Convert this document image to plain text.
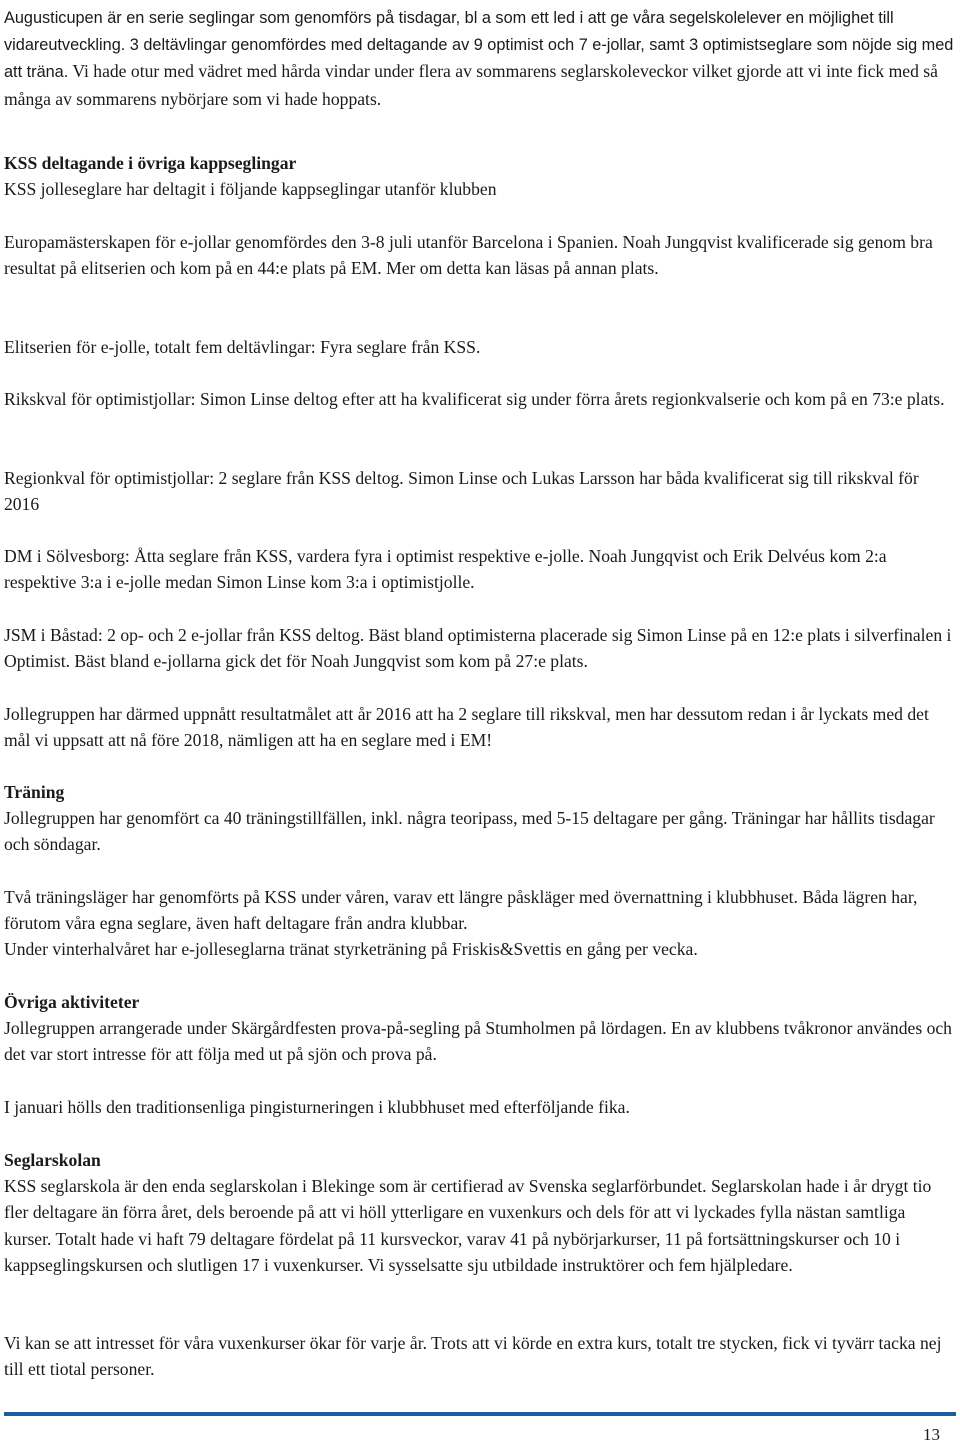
Augusticupen är en serie seglingar som genomförs på tisdagar, bl a som ett led i att ge våra segelskolelever en möjlighet till vidareutveckling. 3 deltävlingar genomfördes med deltagande av 9 optimist och 7 e-jollar, samt 3 optimistseglare som nöjde sig med att träna. Vi hade otur med vädret med hårda vindar under flera av sommarens seglarskoleveckor vilket gjorde att vi inte fick med så många av sommarens nybörjare som vi hade hoppats.

KSS deltagande i övriga kappseglingar

KSS jolleseglare har deltagit i följande kappseglingar utanför klubben

Europamästerskapen för e-jollar genomfördes den 3-8 juli utanför Barcelona i Spanien. Noah Jungqvist kvalificerade sig genom bra resultat på elitserien och kom på en 44:e plats på EM. Mer om detta kan läsas på annan plats.

Elitserien för e-jolle, totalt fem deltävlingar: Fyra seglare från KSS.

Rikskval för optimistjollar: Simon Linse deltog efter att ha kvalificerat sig under förra årets regionkvalserie och kom på en 73:e plats.

Regionkval för optimistjollar: 2 seglare från KSS deltog. Simon Linse och Lukas Larsson har båda kvalificerat sig till rikskval för 2016

DM i Sölvesborg: Åtta seglare från KSS, vardera fyra i optimist respektive e-jolle. Noah Jungqvist och Erik Delvéus kom 2:a respektive 3:a i e-jolle medan Simon Linse kom 3:a i optimistjolle.

JSM i Båstad: 2 op- och 2 e-jollar från KSS deltog. Bäst bland optimisterna placerade sig Simon Linse på en 12:e plats i silverfinalen i Optimist. Bäst bland e-jollarna gick det för Noah Jungqvist som kom på 27:e plats.

Jollegruppen har därmed uppnått resultatmålet att år 2016 att ha 2 seglare till rikskval, men har dessutom redan i år lyckats med det mål vi uppsatt att nå före 2018, nämligen att ha en seglare med i EM!

Träning

Jollegruppen har genomfört ca 40 träningstillfällen, inkl. några teoripass, med 5-15 deltagare per gång. Träningar har hållits tisdagar och söndagar.

Två träningsläger har genomförts på KSS under våren, varav ett längre påskläger med övernattning i klubbhuset. Båda lägren har, förutom våra egna seglare, även haft deltagare från andra klubbar.

Under vinterhalvåret har e-jolleseglarna tränat styrketräning på Friskis&Svettis en gång per vecka.

Övriga aktiviteter

Jollegruppen arrangerade under Skärgårdfesten prova-på-segling på Stumholmen på lördagen. En av klubbens tvåkronor användes och det var stort intresse för att följa med ut på sjön och prova på.

I januari hölls den traditionsenliga pingisturneringen i klubbhuset med efterföljande fika.

Seglarskolan

KSS seglarskola är den enda seglarskolan i Blekinge som är certifierad av Svenska seglarförbundet. Seglarskolan hade i år drygt tio fler deltagare än förra året, dels beroende på att vi höll ytterligare en vuxenkurs och dels för att vi lyckades fylla nästan samtliga kurser. Totalt hade vi haft 79 deltagare fördelat på 11 kursveckor, varav 41 på nybörjarkurser, 11 på fortsättningskurser och 10 i kappseglingskursen och slutligen 17 i vuxenkurser. Vi sysselsatte sju utbildade instruktörer och fem hjälpledare.

Vi kan se att intresset för våra vuxenkurser ökar för varje år. Trots att vi körde en extra kurs, totalt tre stycken, fick vi tyvärr tacka nej till ett tiotal personer.

13
